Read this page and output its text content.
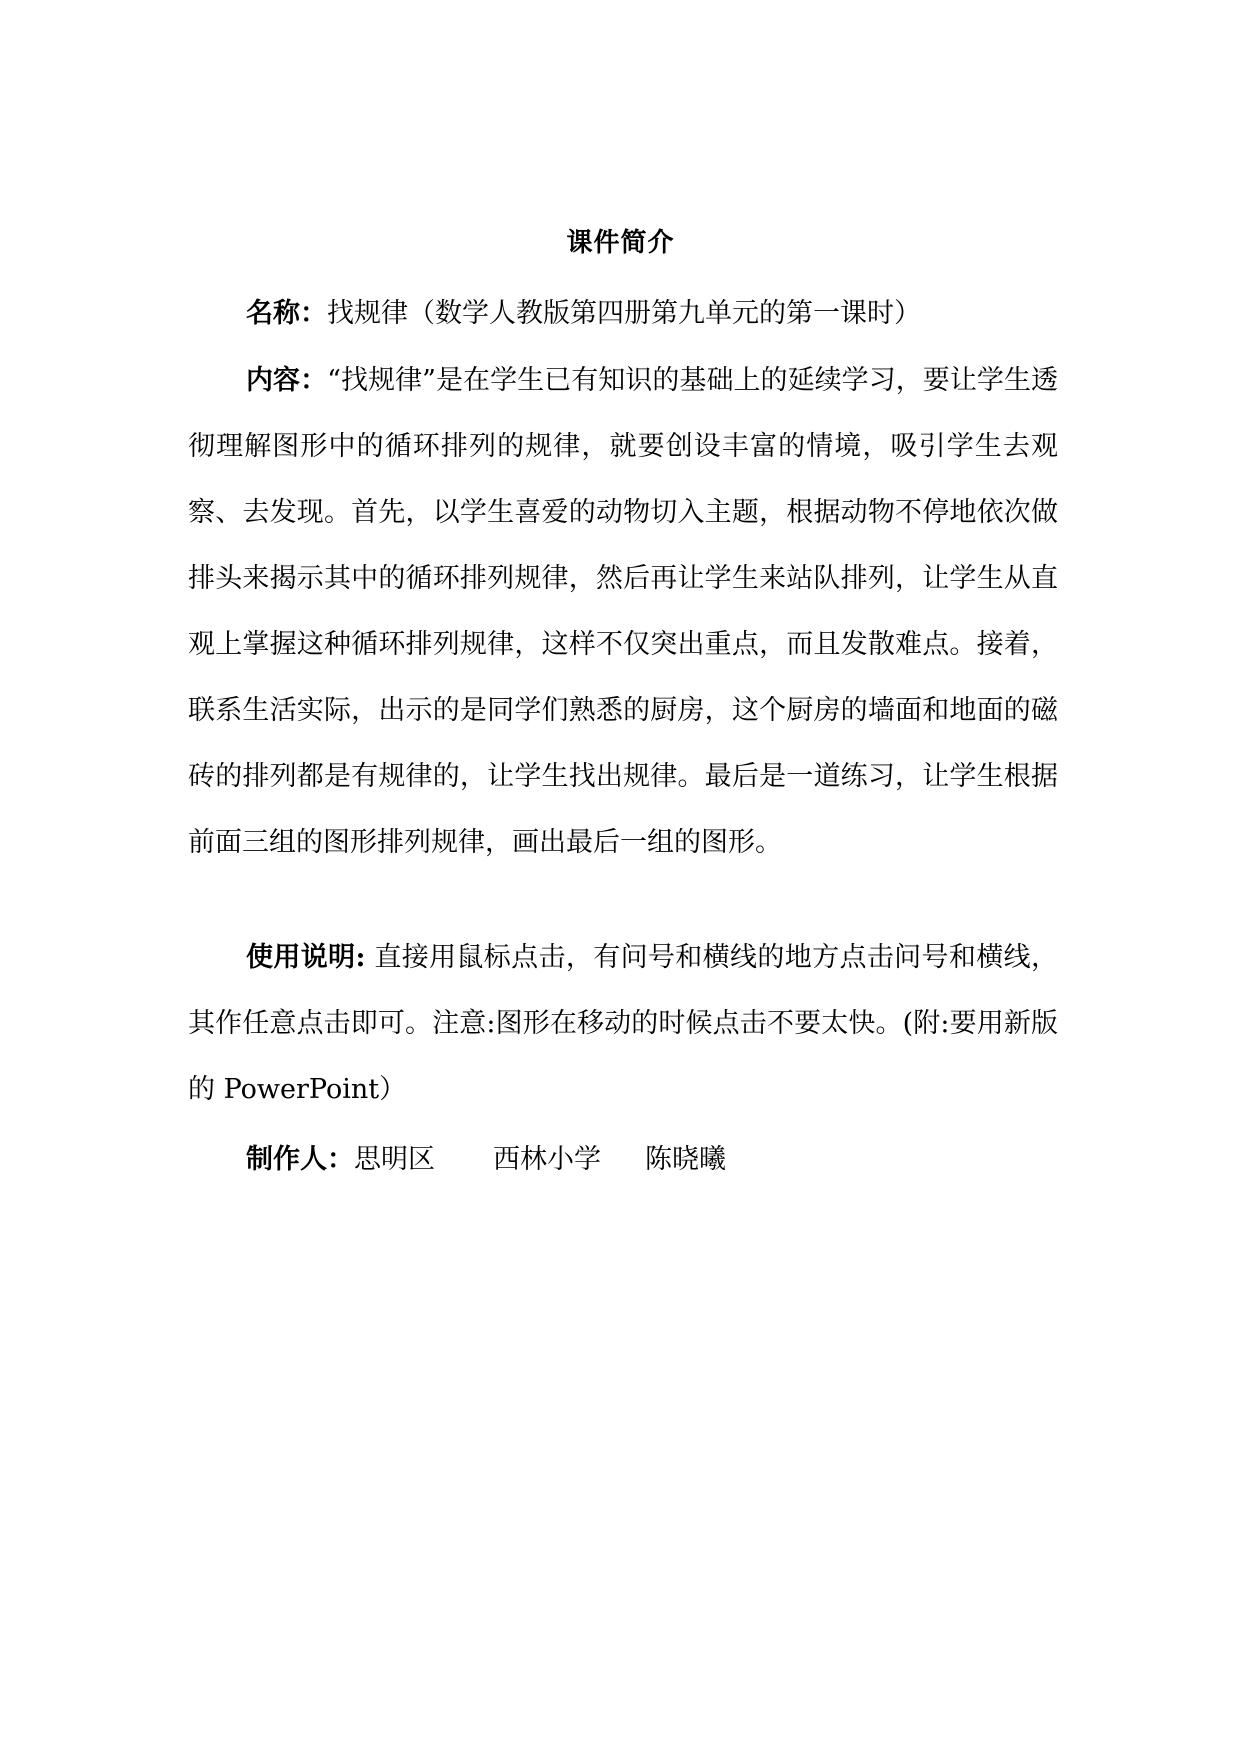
课件简介

名称：找规律（数学人教版第四册第九单元的第一课时）

内容：“找规律”是在学生已有知识的基础上的延续学习，要让学生透彻理解图形中的循环排列的规律，就要创设丰富的情境，吸引学生去观察、去发现。首先，以学生喜爱的动物切入主题，根据动物不停地依次做排头来揭示其中的循环排列规律，然后再让学生来站队排列，让学生从直观上掌握这种循环排列规律，这样不仅突出重点，而且发散难点。接着，联系生活实际，出示的是同学们熟悉的厨房，这个厨房的墙面和地面的磁砖的排列都是有规律的，让学生找出规律。最后是一道练习，让学生根据前面三组的图形排列规律，画出最后一组的图形。

使用说明: 直接用鼠标点击，有问号和横线的地方点击问号和横线，其作任意点击即可。注意:图形在移动的时候点击不要太快。(附:要用新版的 PowerPoint）

制作人：思明区 西林小学 陈晓曦
